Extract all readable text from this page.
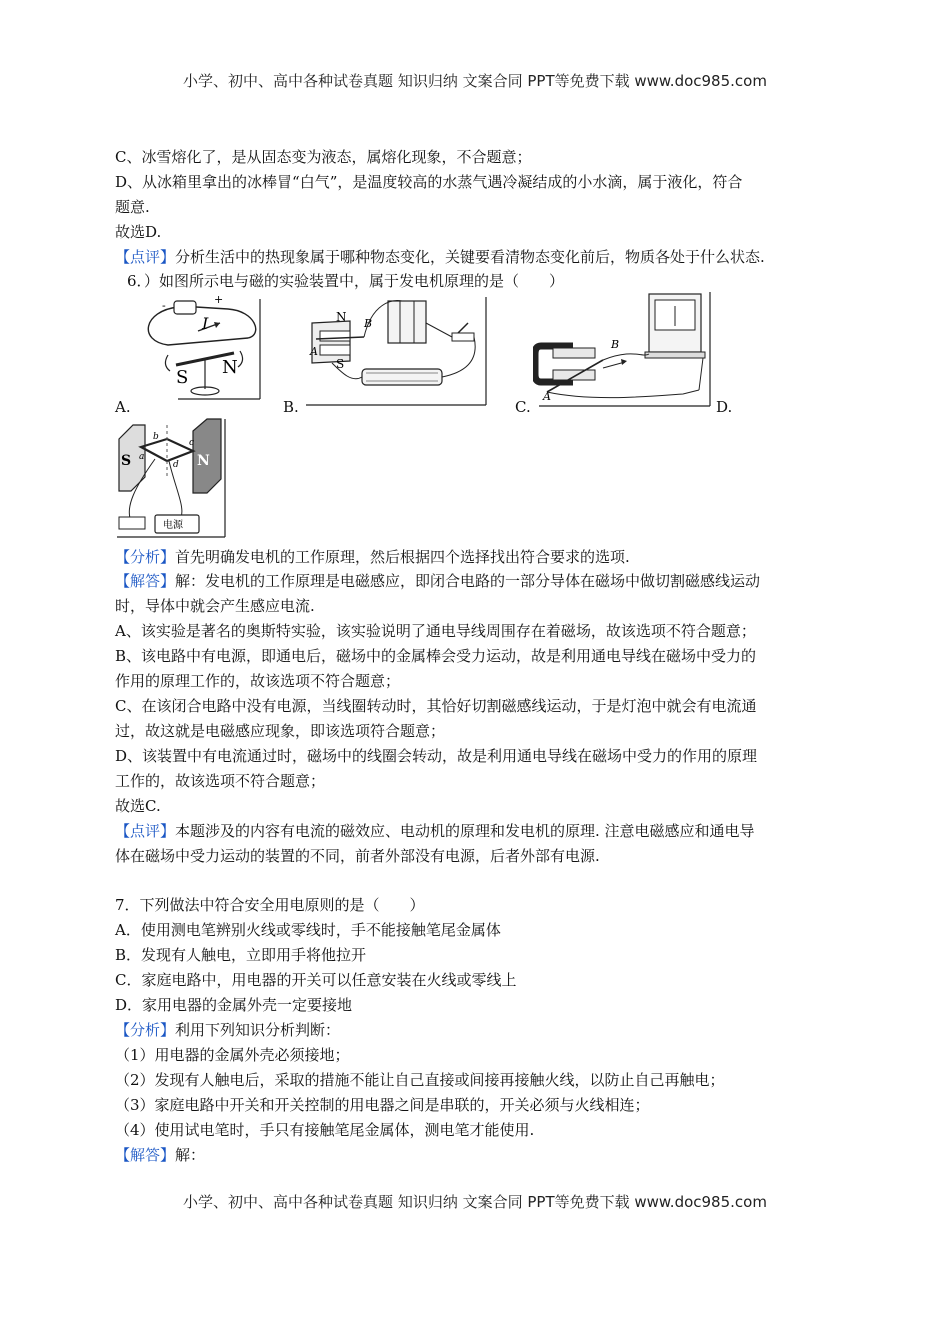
小学、初中、高中各种试卷真题 知识归纳 文案合同 PPT等免费下载 www.doc985.com
C、冰雪熔化了，是从固态变为液态，属熔化现象，不合题意；
D、从冰箱里拿出的冰棒冒“白气”，是温度较高的水蒸气遇冷凝结成的小水滴，属于液化，符合
题意.
故选D.
【点评】分析生活中的热现象属于哪种物态变化，关键要看清物态变化前后，物质各处于什么状态.
6．）如图所示电与磁的实验装置中，属于发电机原理的是（　　）
-	+
I
S N
A.
N
S
A
B
B.
A
B
C.	D.
S	N
a
b
c
d
电源
【分析】首先明确发电机的工作原理，然后根据四个选择找出符合要求的选项.
【解答】解：发电机的工作原理是电磁感应，即闭合电路的一部分导体在磁场中做切割磁感线运动
时，导体中就会产生感应电流.
A、该实验是著名的奥斯特实验，该实验说明了通电导线周围存在着磁场，故该选项不符合题意；
B、该电路中有电源，即通电后，磁场中的金属棒会受力运动，故是利用通电导线在磁场中受力的
作用的原理工作的，故该选项不符合题意；
C、在该闭合电路中没有电源，当线圈转动时，其恰好切割磁感线运动，于是灯泡中就会有电流通
过，故这就是电磁感应现象，即该选项符合题意；
D、该装置中有电流通过时，磁场中的线圈会转动，故是利用通电导线在磁场中受力的作用的原理
工作的，故该选项不符合题意；
故选C.
【点评】本题涉及的内容有电流的磁效应、电动机的原理和发电机的原理. 注意电磁感应和通电导
体在磁场中受力运动的装置的不同，前者外部没有电源，后者外部有电源.
7．下列做法中符合安全用电原则的是（　　）
A．使用测电笔辨别火线或零线时，手不能接触笔尾金属体
B．发现有人触电，立即用手将他拉开
C．家庭电路中，用电器的开关可以任意安装在火线或零线上
D．家用电器的金属外壳一定要接地
【分析】利用下列知识分析判断：
（1）用电器的金属外壳必须接地；
（2）发现有人触电后，采取的措施不能让自己直接或间接再接触火线，以防止自己再触电；
（3）家庭电路中开关和开关控制的用电器之间是串联的，开关必须与火线相连；
（4）使用试电笔时，手只有接触笔尾金属体，测电笔才能使用.
【解答】解：
小学、初中、高中各种试卷真题 知识归纳 文案合同 PPT等免费下载 www.doc985.com
